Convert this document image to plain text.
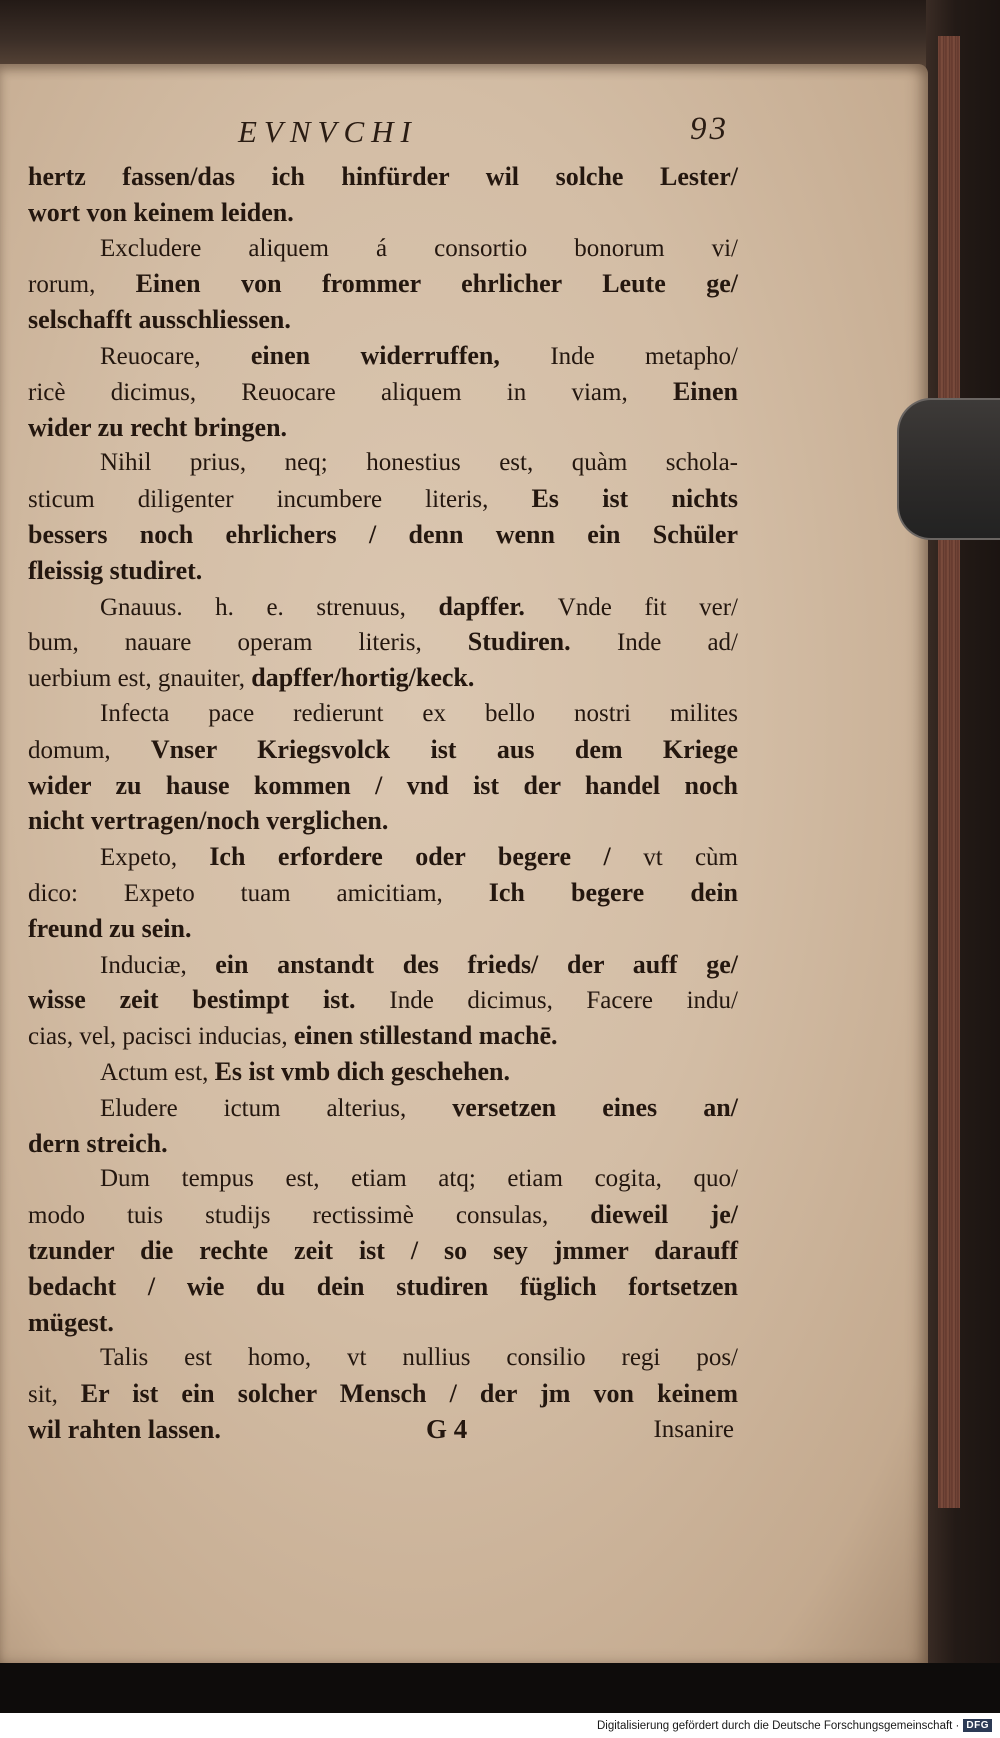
EVNVCHI	93
hertz fassen/das ich hinfürder wil solche Lester/
wort von keinem leiden.
Excludere aliquem á consortio bonorum vi/
rorum, Einen von frommer ehrlicher Leute ge/
selschafft ausschliessen.
Reuocare, einen widerruffen, Inde metapho/
ricè dicimus, Reuocare aliquem in viam, Einen
wider zu recht bringen.
Nihil prius, neq; honestius est, quàm schola-
sticum diligenter incumbere literis, Es ist nichts
bessers noch ehrlichers / denn wenn ein Schüler
fleissig studiret.
Gnauus. h. e. strenuus, dapffer. Vnde fit ver/
bum, nauare operam literis, Studiren. Inde ad/
uerbium est, gnauiter, dapffer/hortig/keck.
Infecta pace redierunt ex bello nostri milites
domum, Vnser Kriegsvolck ist aus dem Kriege
wider zu hause kommen / vnd ist der handel noch
nicht vertragen/noch verglichen.
Expeto, Ich erfordere oder begere / vt cùm
dico: Expeto tuam amicitiam, Ich begere dein
freund zu sein.
Induciæ, ein anstandt des frieds/ der auff ge/
wisse zeit bestimpt ist. Inde dicimus, Facere indu/
cias, vel, pacisci inducias, einen stillestand machē.
Actum est, Es ist vmb dich geschehen.
Eludere ictum alterius, versetzen eines an/
dern streich.
Dum tempus est, etiam atq; etiam cogita, quo/
modo tuis studijs rectissimè consulas, dieweil je/
tzunder die rechte zeit ist / so sey jmmer darauff
bedacht / wie du dein studiren füglich fortsetzen
mügest.
Talis est homo, vt nullius consilio regi pos/
sit, Er ist ein solcher Mensch / der jm von keinem
wil rahten lassen.	G 4	Insanire
Digitalisierung gefördert durch die Deutsche Forschungsgemeinschaft · DFG
